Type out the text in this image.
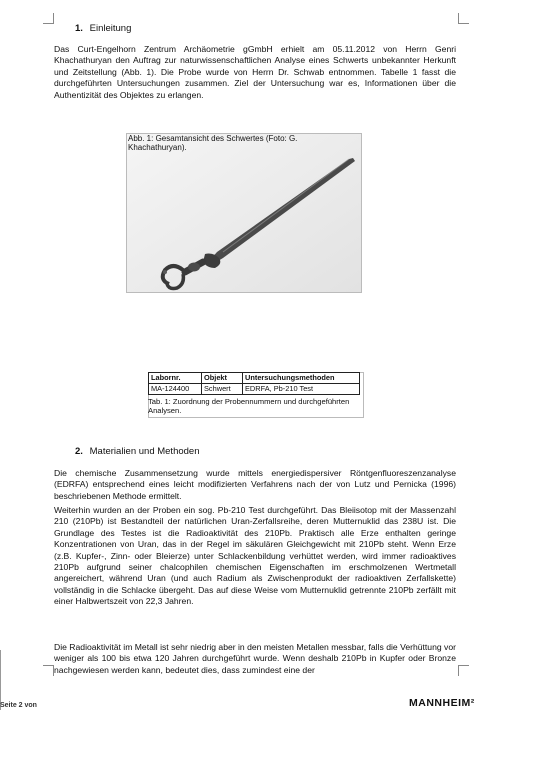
1. Einleitung
Das Curt-Engelhorn Zentrum Archäometrie gGmbH erhielt am 05.11.2012 von Herrn Genri Khachathuryan den Auftrag zur naturwissenschaftlichen Analyse eines Schwerts unbekannter Herkunft und Zeitstellung (Abb. 1). Die Probe wurde von Herrn Dr. Schwab entnommen. Tabelle 1 fasst die durchgeführten Untersuchungen zusammen. Ziel der Untersuchung war es, Informationen über die Authentizität des Objektes zu erlangen.
Abb. 1: Gesamtansicht des Schwertes (Foto: G. Khachathuryan).
Labornr.	Objekt	Untersuchungsmethoden
MA-124400	Schwert	EDRFA, Pb-210 Test
Tab. 1: Zuordnung der Probennummern und durchgeführten Analysen.
2. Materialien und Methoden
Die chemische Zusammensetzung wurde mittels energiedispersiver Röntgenfluoreszenzanalyse (EDRFA) entsprechend eines leicht modifizierten Verfahrens nach der von Lutz und Pernicka (1996) beschriebenen Methode ermittelt.
Weiterhin wurden an der Proben ein sog. Pb-210 Test durchgeführt. Das Bleiisotop mit der Massenzahl 210 (210Pb) ist Bestandteil der natürlichen Uran-Zerfallsreihe, deren Mutternuklid das 238U ist. Die Grundlage des Testes ist die Radioaktivität des 210Pb. Praktisch alle Erze enthalten geringe Konzentrationen von Uran, das in der Regel im säkulären Gleichgewicht mit 210Pb steht. Wenn Erze (z.B. Kupfer-, Zinn- oder Bleierze) unter Schlackenbildung verhüttet werden, wird immer radioaktives 210Pb aufgrund seiner chalcophilen chemischen Eigenschaften im erschmolzenen Wertmetall angereichert, während Uran (und auch Radium als Zwischenprodukt der radioaktiven Zerfallskette) vollständig in die Schlacke übergeht. Das auf diese Weise vom Mutternuklid getrennte 210Pb zerfällt mit einer Halbwertszeit von 22,3 Jahren.
Die Radioaktivität im Metall ist sehr niedrig aber in den meisten Metallen messbar, falls die Verhüttung vor weniger als 100 bis etwa 120 Jahren durchgeführt wurde. Wenn deshalb 210Pb in Kupfer oder Bronze nachgewiesen werden kann, bedeutet dies, dass zumindest eine der
Seite 2 von	MANNHEIM²
